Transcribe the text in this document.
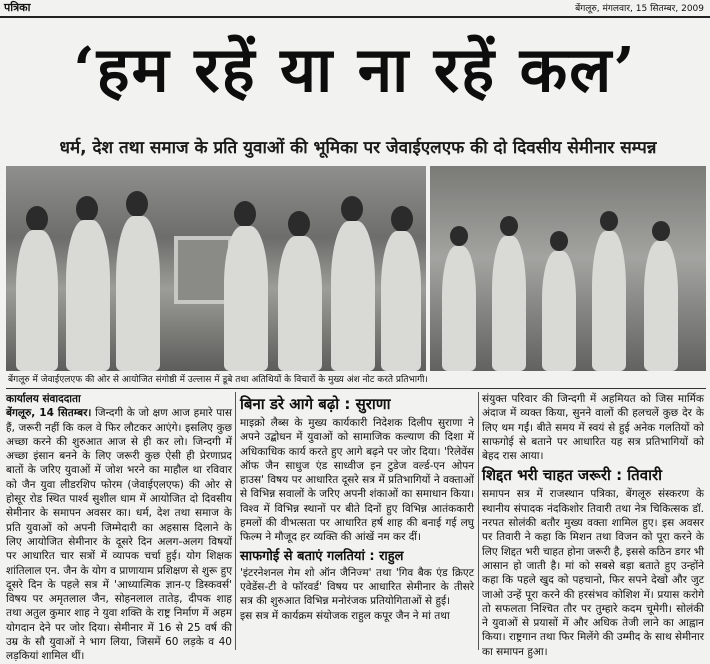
पत्रिका	बेंगलूरु, मंगलवार, 15 सितम्बर, 2009
‘हम रहें या ना रहें कल’
धर्म, देश तथा समाज के प्रति युवाओं की भूमिका पर जेवाईएलएफ की दो दिवसीय सेमीनार सम्पन्न
बेंगलूरु में जेवाईएलएफ की ओर से आयोजित संगोष्ठी में उल्लास में डूबे तथा अतिथियों के विचारों के मुख्य अंश नोट करते प्रतिभागी।
कार्यालय संवाददाता
बेंगलूरु, 14 सितम्बर। जिन्दगी के जो क्षण आज हमारे पास हैं, जरूरी नहीं कि कल वे फिर लौटकर आएंगे। इसलिए कुछ अच्छा करने की शुरुआत आज से ही कर लो। जिन्दगी में अच्छा इंसान बनने के लिए जरूरी कुछ ऐसी ही प्रेरणाप्रद बातों के जरिए युवाओं में जोश भरने का माहौल था रविवार को जैन युवा लीडरशिप फोरम (जेवाईएलएफ) की ओर से होसूर रोड स्थित पार्श्व सुशील धाम में आयोजित दो दिवसीय सेमीनार के समापन अवसर का। धर्म, देश तथा समाज के प्रति युवाओं को अपनी जिम्मेदारी का अहसास दिलाने के लिए आयोजित सेमीनार के दूसरे दिन अलग-अलग विषयों पर आधारित चार सत्रों में व्यापक चर्चा हुई। योग शिक्षक शांतिलाल एन. जैन के योग व प्राणायाम प्रशिक्षण से शुरू हुए दूसरे दिन के पहले सत्र में 'आध्यात्मिक ज्ञान-ए डिस्कवर्स' विषय पर अमृतलाल जैन, सोहनलाल तातेड़, दीपक शाह तथा अतुल कुमार शाह ने युवा शक्ति के राष्ट्र निर्माण में अहम योगदान देने पर जोर दिया। सेमीनार में 16 से 25 वर्ष की उम्र के सौ युवाओं ने भाग लिया, जिसमें 60 लड़के व 40 लड़कियां शामिल थीं।
बिना डरे आगे बढ़ो : सुराणा
माइक्रो लैब्स के मुख्य कार्यकारी निदेशक दिलीप सुराणा ने अपने उद्बोधन में युवाओं को सामाजिक कल्याण की दिशा में अधिकाधिक कार्य करते हुए आगे बढ़ने पर जोर दिया। 'रिलेवेंस ऑफ जैन साधुज एंड साध्वीज इन टुडेज वर्ल्ड-एन ओपन हाउस' विषय पर आधारित दूसरे सत्र में प्रतिभागियों ने वक्ताओं से विभिन्न सवालों के जरिए अपनी शंकाओं का समाधान किया। विश्व में विभिन्न स्थानों पर बीते दिनों हुए विभिन्न आतंककारी हमलों की वीभत्सता पर आधारित हर्ष शाह की बनाई गई लघु फिल्म ने मौजूद हर व्यक्ति की आंखें नम कर दीं।
साफगोई से बताएं गलतियां : राहुल
'इंटरनेशनल गेम शो ऑन जैनिज्म' तथा 'गिव बैक एंड क्रिएट एवेडेंस-टी वे फॉरवर्ड' विषय पर आधारित सेमीनार के तीसरे सत्र की शुरुआत विभिन्न मनोरंजक प्रतियोगिताओं से हुई।
इस सत्र में कार्यक्रम संयोजक राहुल कपूर जैन ने मां तथा
संयुक्त परिवार की जिन्दगी में अहमियत को जिस मार्मिक अंदाज में व्यक्त किया, सुनने वालों की हलचलें कुछ देर के लिए थम गईं। बीते समय में स्वयं से हुई अनेक गलतियों को साफगोई से बताने पर आधारित यह सत्र प्रतिभागियों को बेहद रास आया।
शिद्दत भरी चाहत जरूरी : तिवारी
समापन सत्र में राजस्थान पत्रिका, बेंगलूरु संस्करण के स्थानीय संपादक नंदकिशोर तिवारी तथा नेत्र चिकित्सक डॉ. नरपत सोलंकी बतौर मुख्य वक्ता शामिल हुए। इस अवसर पर तिवारी ने कहा कि मिशन तथा विजन को पूरा करने के लिए शिद्दत भरी चाहत होना जरूरी है, इससे कठिन डगर भी आसान हो जाती है। मां को सबसे बड़ा बताते हुए उन्होंने कहा कि पहले खुद को पहचानो, फिर सपने देखो और जुट जाओ उन्हें पूरा करने की हरसंभव कोशिश में। प्रयास करोगे तो सफलता निश्चित तौर पर तुम्हारे कदम चूमेगी। सोलंकी ने युवाओं से प्रयासों में और अधिक तेजी लाने का आह्वान किया। राष्ट्रगान तथा फिर मिलेंगे की उम्मीद के साथ सेमीनार का समापन हुआ।
